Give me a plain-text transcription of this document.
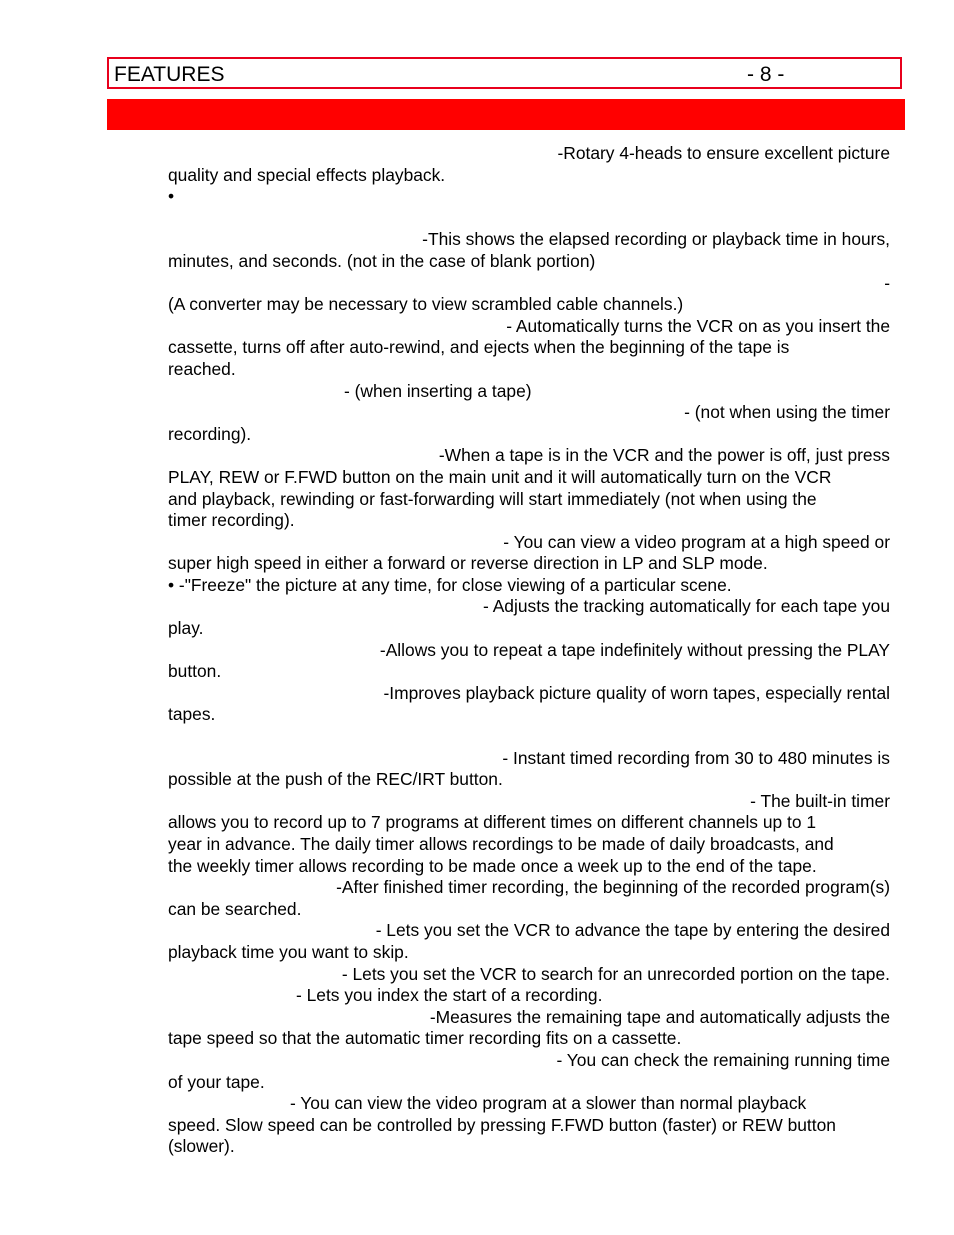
FEATURES	- 8 -

-Rotary 4-heads to ensure excellent picture

quality and special effects playback.

•

-This shows the elapsed recording or playback time in hours,

minutes, and seconds. (not in the case of blank portion)

-

(A converter may be necessary to view scrambled cable channels.)

- Automatically turns the VCR on as you insert the

cassette, turns off after auto-rewind, and ejects when the beginning of the tape is

reached.

- (when inserting a tape)

- (not when using the timer

recording).

-When a tape is in the VCR and the power is off, just press

PLAY, REW or F.FWD button on the main unit and it will automatically turn on the VCR

and playback, rewinding or fast-forwarding will start immediately (not when using the

timer recording).

- You can view a video program at a high speed or

super high speed in either a forward or reverse direction in LP and SLP mode.

• -"Freeze" the picture at any time, for close viewing of a particular scene.

- Adjusts the tracking automatically for each tape you

play.

-Allows you to repeat a tape indefinitely without pressing the PLAY

button.

-Improves playback picture quality of worn tapes, especially rental

tapes.

- Instant timed recording from 30 to 480 minutes is

possible at the push of the REC/IRT button.

- The built-in timer

allows you to record up to 7 programs at different times on different channels up to 1

year in advance. The daily timer allows recordings to be made of daily broadcasts, and

the weekly timer allows recording to be made once a week up to the end of the tape.

-After finished timer recording, the beginning of the recorded program(s)

can be searched.

- Lets you set the VCR to advance the tape by entering the desired

playback time you want to skip.

- Lets you set the VCR to search for an unrecorded portion on the tape.

- Lets you index the start of a recording.

-Measures the remaining tape and automatically adjusts the

tape speed so that the automatic timer recording fits on a cassette.

- You can check the remaining running time

of your tape.

- You can view the video program at a slower than normal playback

speed. Slow speed can be controlled by pressing F.FWD button (faster) or REW button

(slower).
